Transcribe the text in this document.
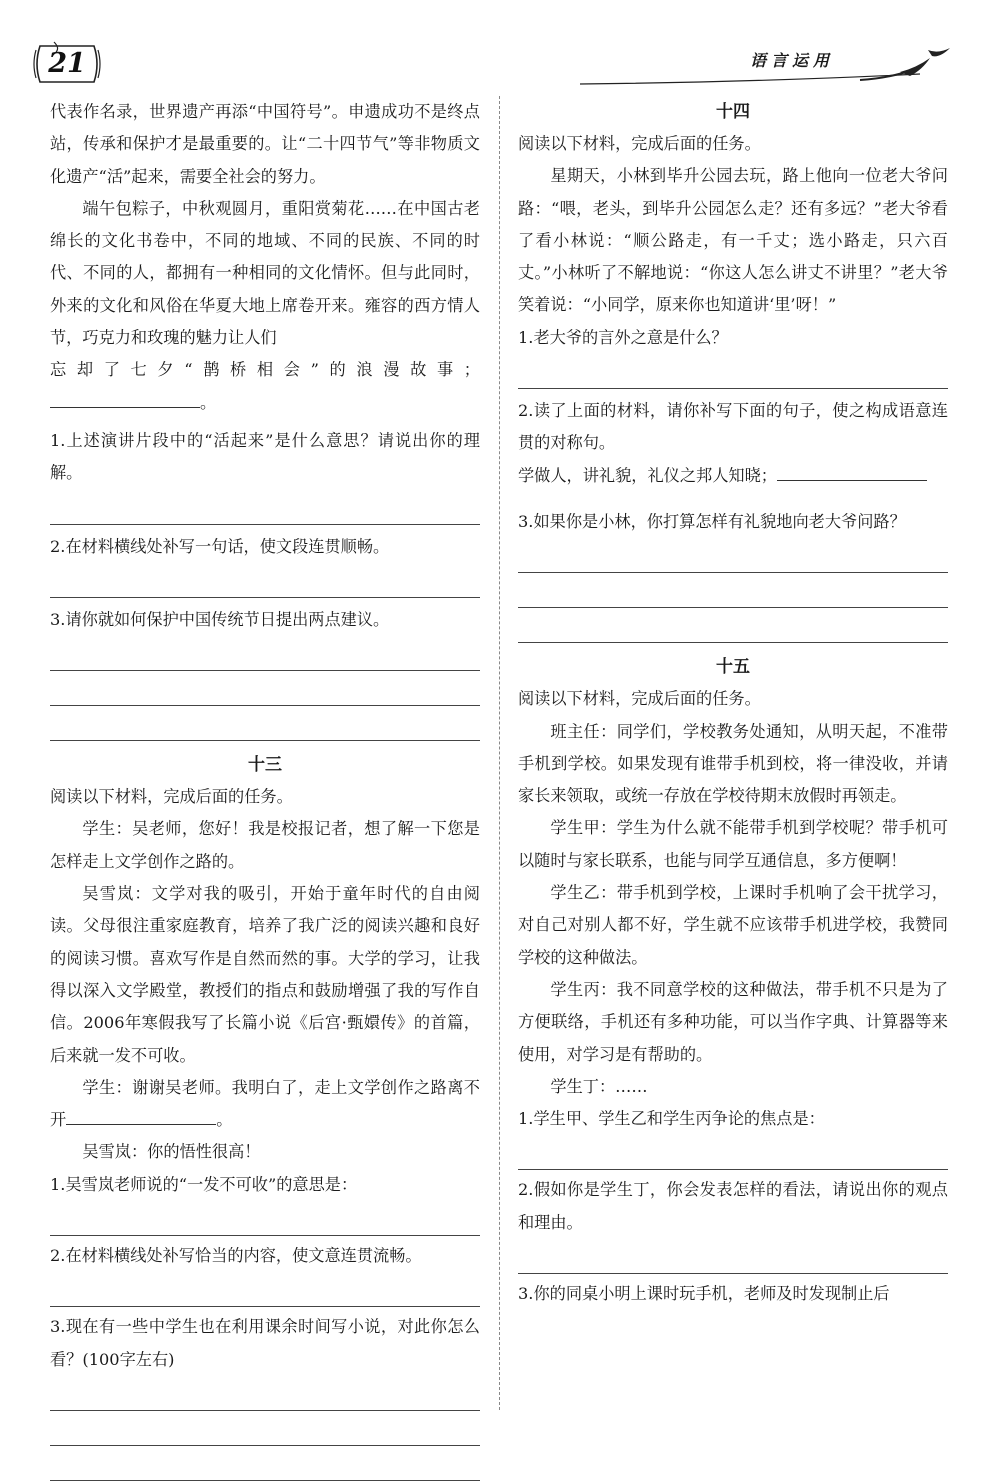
21	语言运用

代表作名录，世界遗产再添“中国符号”。申遗成功不是终点站，传承和保护才是最重要的。让“二十四节气”等非物质文化遗产“活”起来，需要全社会的努力。

端午包粽子，中秋观圆月，重阳赏菊花……在中国古老绵长的文化书卷中，不同的地域、不同的民族、不同的时代、不同的人，都拥有一种相同的文化情怀。但与此同时，外来的文化和风俗在华夏大地上席卷开来。雍容的西方情人节，巧克力和玫瑰的魅力让人们

忘却了七夕“鹊桥相会”的浪漫故事；

。

1.上述演讲片段中的“活起来”是什么意思？请说出你的理解。

2.在材料横线处补写一句话，使文段连贯顺畅。

3.请你就如何保护中国传统节日提出两点建议。

十三

阅读以下材料，完成后面的任务。

学生：吴老师，您好！我是校报记者，想了解一下您是怎样走上文学创作之路的。

吴雪岚：文学对我的吸引，开始于童年时代的自由阅读。父母很注重家庭教育，培养了我广泛的阅读兴趣和良好的阅读习惯。喜欢写作是自然而然的事。大学的学习，让我得以深入文学殿堂，教授们的指点和鼓励增强了我的写作自信。2006年寒假我写了长篇小说《后宫·甄嬛传》的首篇，后来就一发不可收。

学生：谢谢吴老师。我明白了，走上文学创作之路离不开	。

吴雪岚：你的悟性很高！

1.吴雪岚老师说的“一发不可收”的意思是：

2.在材料横线处补写恰当的内容，使文意连贯流畅。

3.现在有一些中学生也在利用课余时间写小说，对此你怎么看？(100字左右)

十四

阅读以下材料，完成后面的任务。

星期天，小林到毕升公园去玩，路上他向一位老大爷问路：“喂，老头，到毕升公园怎么走？还有多远？”老大爷看了看小林说：“顺公路走，有一千丈；选小路走，只六百丈。”小林听了不解地说：“你这人怎么讲丈不讲里？”老大爷笑着说：“小同学，原来你也知道讲‘里’呀！”

1.老大爷的言外之意是什么？

2.读了上面的材料，请你补写下面的句子，使之构成语意连贯的对称句。

学做人，讲礼貌，礼仪之邦人知晓；

3.如果你是小林，你打算怎样有礼貌地向老大爷问路？

十五

阅读以下材料，完成后面的任务。

班主任：同学们，学校教务处通知，从明天起，不准带手机到学校。如果发现有谁带手机到校，将一律没收，并请家长来领取，或统一存放在学校待期末放假时再领走。

学生甲：学生为什么就不能带手机到学校呢？带手机可以随时与家长联系，也能与同学互通信息，多方便啊！

学生乙：带手机到学校，上课时手机响了会干扰学习，对自己对别人都不好，学生就不应该带手机进学校，我赞同学校的这种做法。

学生丙：我不同意学校的这种做法，带手机不只是为了方便联络，手机还有多种功能，可以当作字典、计算器等来使用，对学习是有帮助的。

学生丁：……

1.学生甲、学生乙和学生丙争论的焦点是：

2.假如你是学生丁，你会发表怎样的看法，请说出你的观点和理由。

3.你的同桌小明上课时玩手机，老师及时发现制止后
